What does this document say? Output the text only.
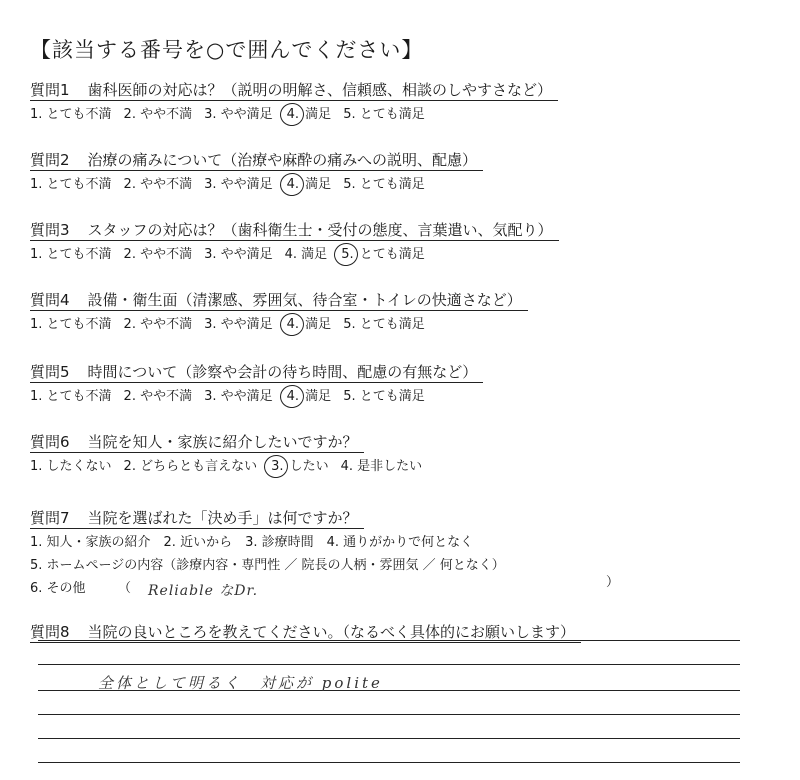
【該当する番号を○で囲んでください】
質問1 歯科医師の対応は？（説明の明解さ、信頼感、相談のしやすさなど）
1. とても不満 2. やや不満 3. やや満足 4. 満足 5. とても満足
質問2 治療の痛みについて（治療や麻酔の痛みへの説明、配慮）
1. とても不満 2. やや不満 3. やや満足 4. 満足 5. とても満足
質問3 スタッフの対応は？（歯科衛生士・受付の態度、言葉遣い、気配り）
1. とても不満 2. やや不満 3. やや満足 4. 満足 5. とても満足
質問4 設備・衛生面（清潔感、雰囲気、待合室・トイレの快適さなど）
1. とても不満 2. やや不満 3. やや満足 4. 満足 5. とても満足
質問5 時間について（診察や会計の待ち時間、配慮の有無など）
1. とても不満 2. やや不満 3. やや満足 4. 満足 5. とても満足
質問6 当院を知人・家族に紹介したいですか？
1. したくない 2. どちらとも言えない 3. したい 4. 是非したい
質問7 当院を選ばれた「決め手」は何ですか？
1. 知人・家族の紹介　2. 近いから　3. 診療時間　4. 通りがかりで何となく
5. ホームページの内容（診療内容・専門性 ／ 院長の人柄・雰囲気 ／ 何となく）
6. その他 （ Reliable なDr.
）
質問8 当院の良いところを教えてください。（なるべく具体的にお願いします）
全体として明るく　対応が polite
